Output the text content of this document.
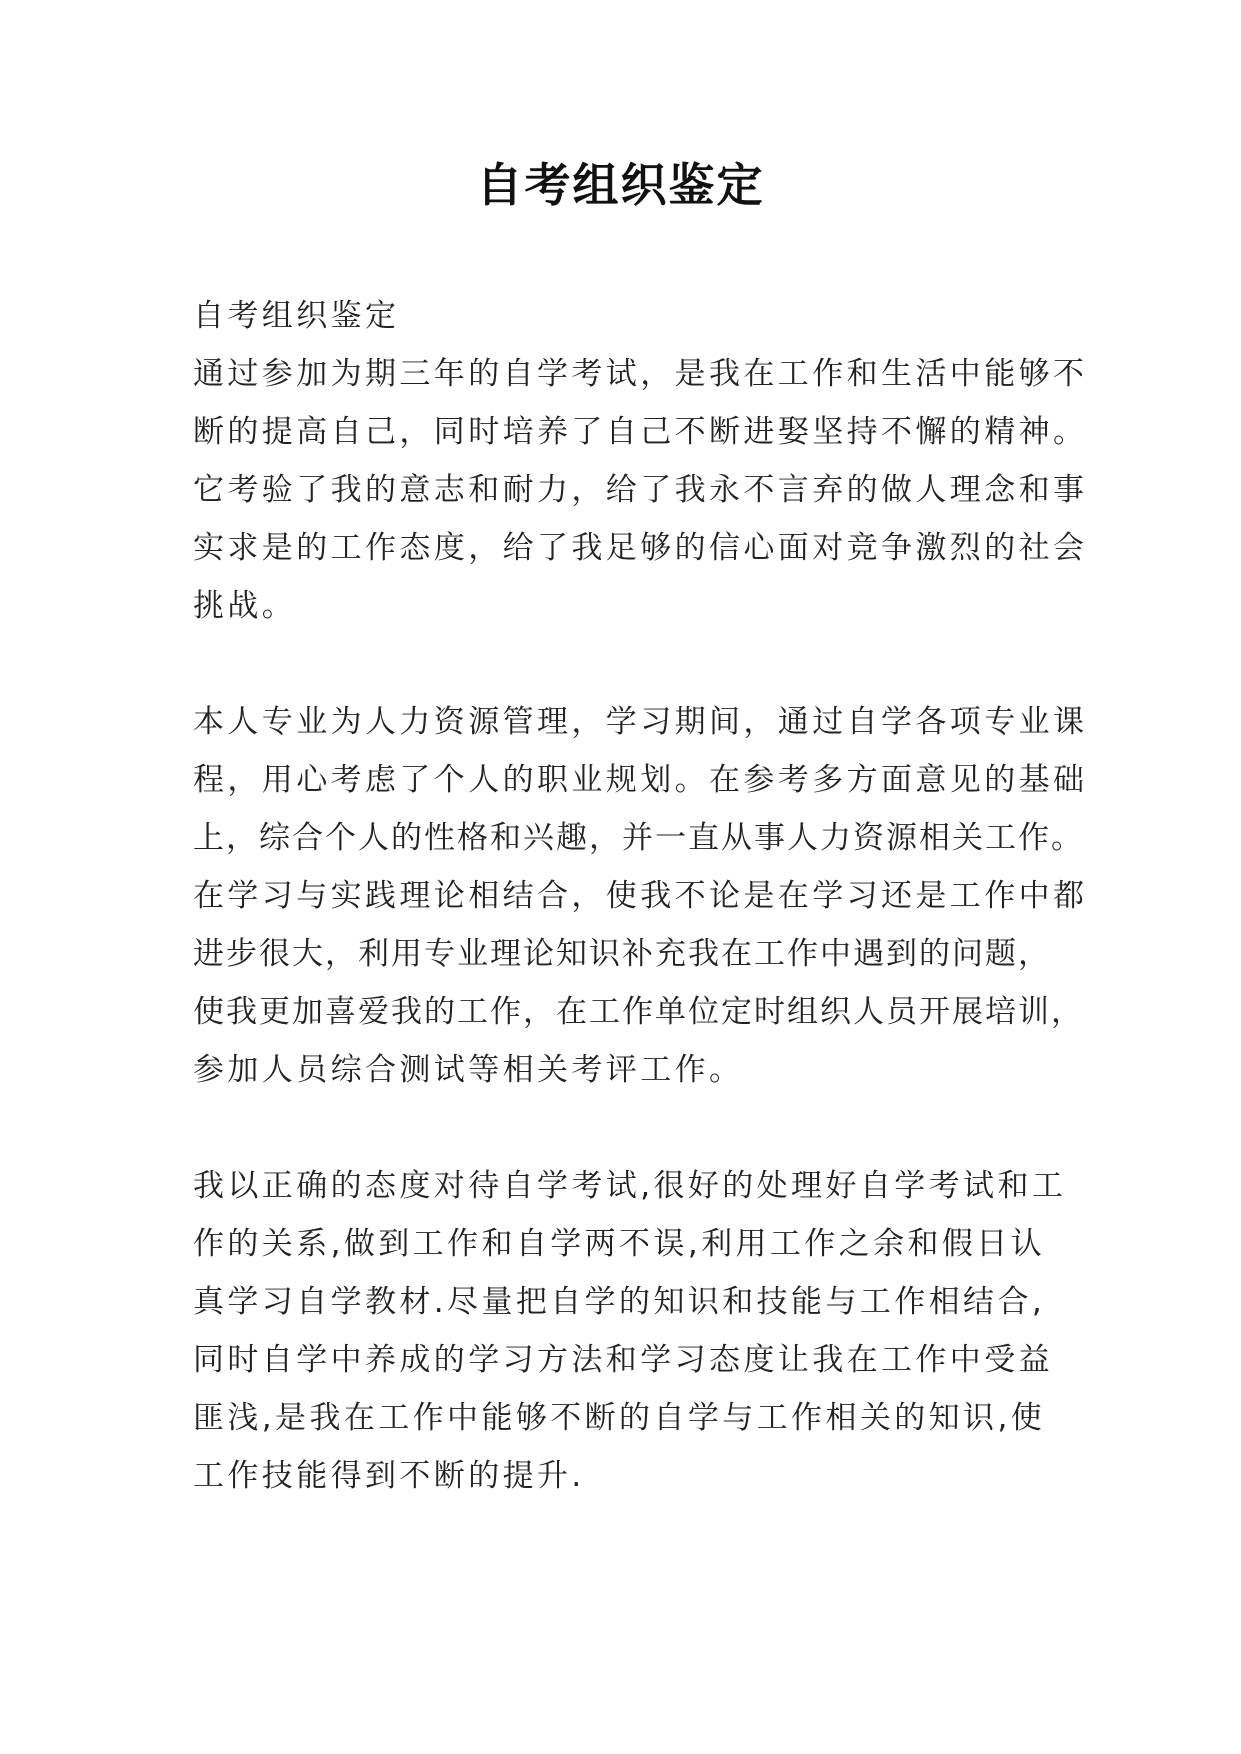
自考组织鉴定
自考组织鉴定
通过参加为期三年的自学考试，是我在工作和生活中能够不
断的提高自己，同时培养了自己不断进娶坚持不懈的精神。
它考验了我的意志和耐力，给了我永不言弃的做人理念和事
实求是的工作态度，给了我足够的信心面对竞争激烈的社会
挑战。
本人专业为人力资源管理，学习期间，通过自学各项专业课
程，用心考虑了个人的职业规划。在参考多方面意见的基础
上，综合个人的性格和兴趣，并一直从事人力资源相关工作。
在学习与实践理论相结合，使我不论是在学习还是工作中都
进步很大，利用专业理论知识补充我在工作中遇到的问题，
使我更加喜爱我的工作，在工作单位定时组织人员开展培训，
参加人员综合测试等相关考评工作。
我以正确的态度对待自学考试,很好的处理好自学考试和工
作的关系,做到工作和自学两不误,利用工作之余和假日认
真学习自学教材.尽量把自学的知识和技能与工作相结合,
同时自学中养成的学习方法和学习态度让我在工作中受益
匪浅,是我在工作中能够不断的自学与工作相关的知识,使
工作技能得到不断的提升.
